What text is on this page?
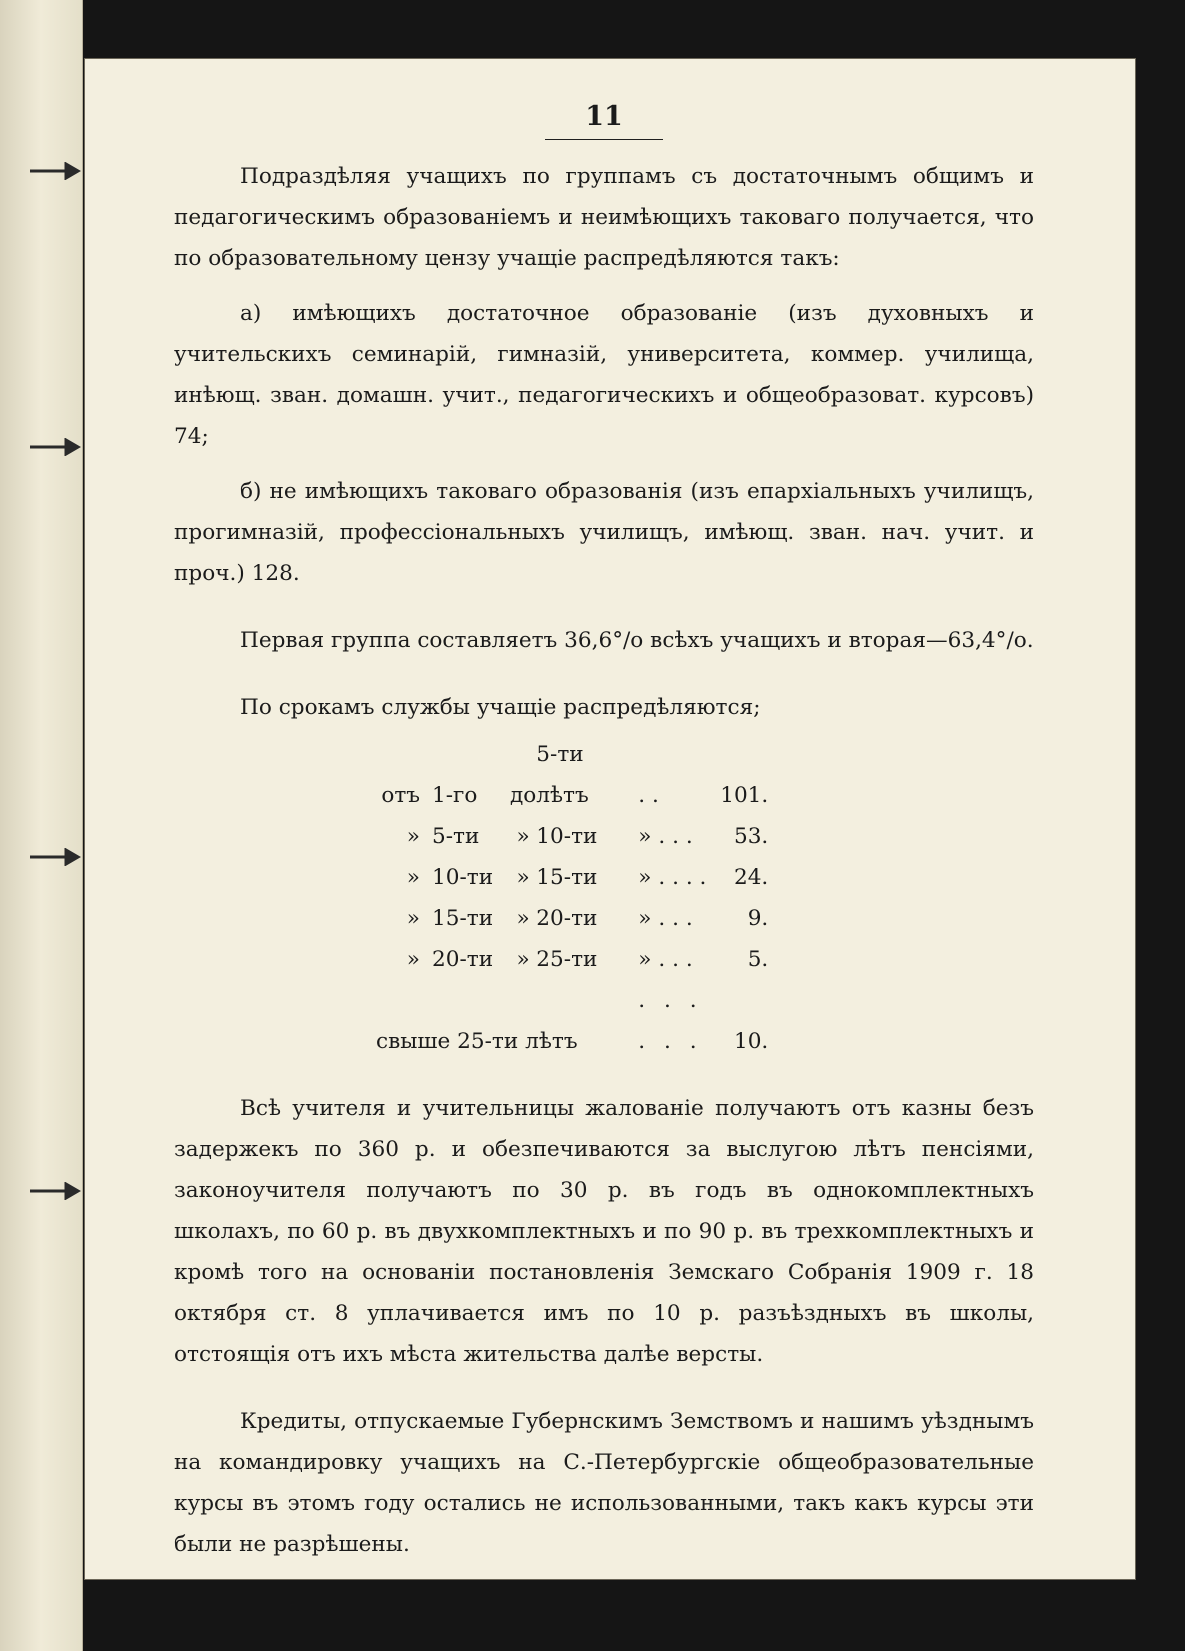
11

Подраздѣляя учащихъ по группамъ съ достаточнымъ общимъ и педагогическимъ образованіемъ и неимѣющихъ таковаго получается, что по образовательному цензу учащіе распредѣляются такъ:

а) имѣющихъ достаточное образованіе (изъ духовныхъ и учительскихъ семинарій, гимназій, университета, коммер. училища, инѣющ. зван. домашн. учит., педагогическихъ и общеобразоват. курсовъ) 74;

б) не имѣющихъ таковаго образованія (изъ епархіальныхъ училищъ, прогимназій, профессіональныхъ училищъ, имѣющ. зван. нач. учит. и проч.) 128.

Первая группа составляетъ 36,6°/о всѣхъ учащихъ и вторая—63,4°/о.

По срокамъ службы учащіе распредѣляются;

отъ	1-го	до	5-ти лѣтъ	. .	101.
»	5-ти	»	10-ти	» . . .	53.
»	10-ти	»	15-ти	» . . . .	24.
»	15-ти	»	20-ти	» . . .	9.
»	20-ти	»	25-ти	» . . .	5.
свыше 25-ти лѣтъ				. . . . . .	10.

Всѣ учителя и учительницы жалованіе получаютъ отъ казны безъ задержекъ по 360 р. и обезпечиваются за выслугою лѣтъ пенсіями, законоучителя получаютъ по 30 р. въ годъ въ однокомплектныхъ школахъ, по 60 р. въ двухкомплектныхъ и по 90 р. въ трехкомплектныхъ и кромѣ того на основаніи постановленія Земскаго Собранія 1909 г. 18 октября ст. 8 уплачивается имъ по 10 р. разъѣздныхъ въ школы, отстоящія отъ ихъ мѣста жительства далѣе версты.

Кредиты, отпускаемые Губернскимъ Земствомъ и нашимъ уѣзднымъ на командировку учащихъ на С.-Петербургскіе общеобразовательные курсы въ этомъ году остались не использованными, такъ какъ курсы эти были не разрѣшены.
